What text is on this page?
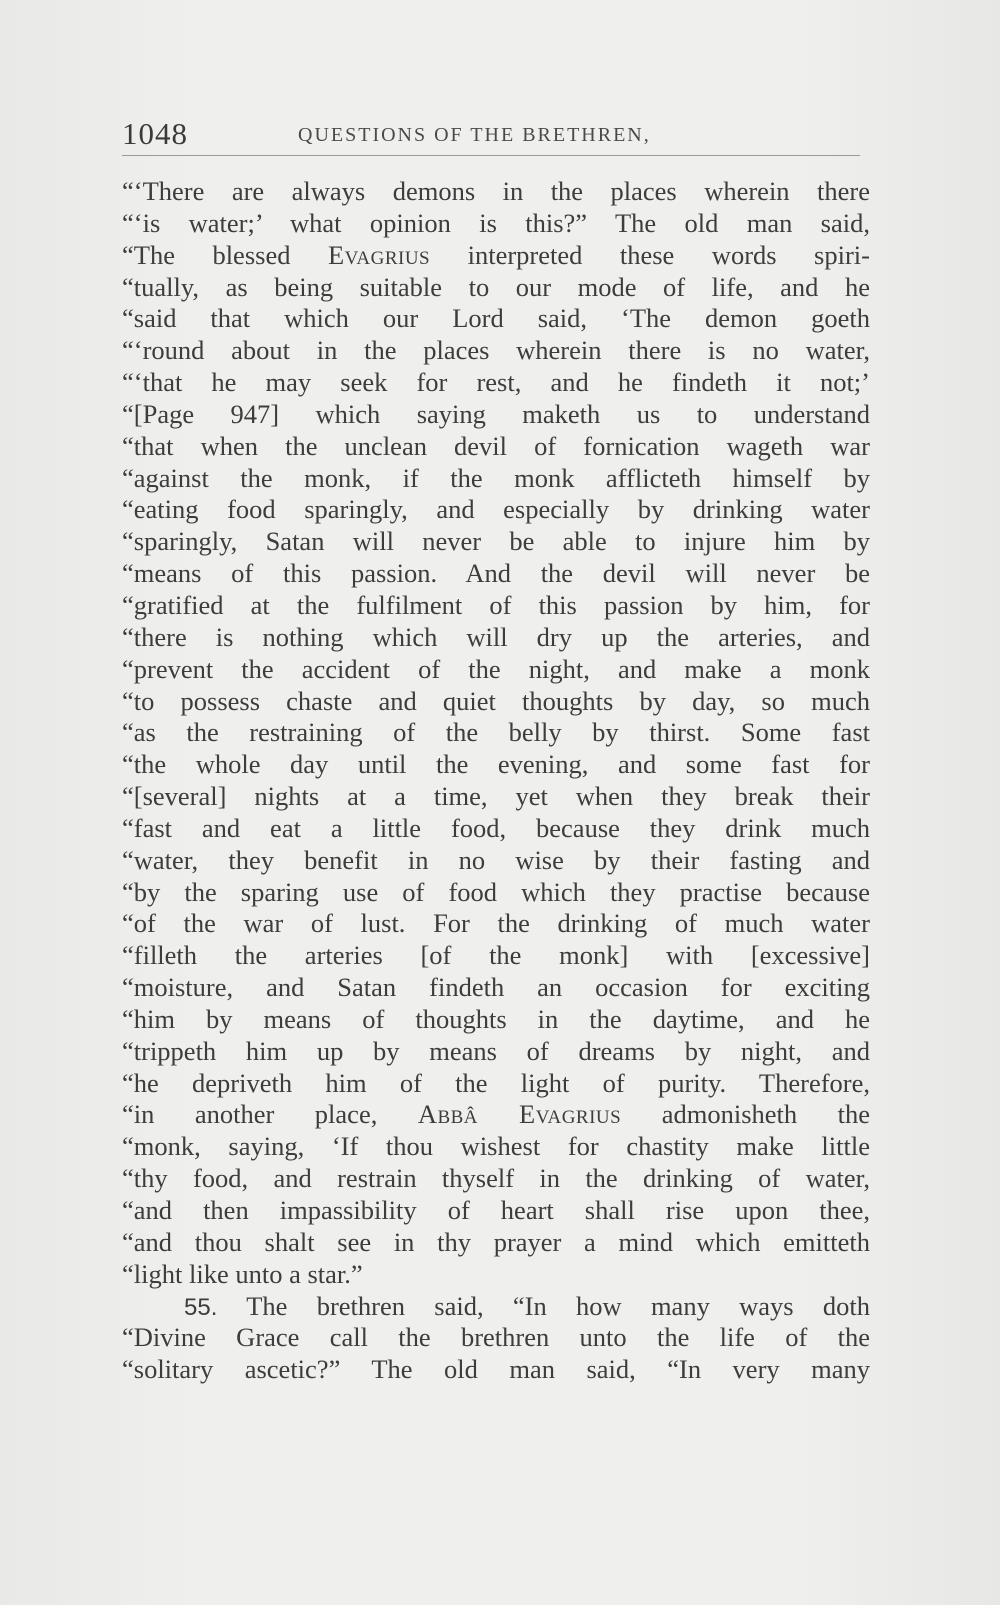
1048	QUESTIONS OF THE BRETHREN,
“‘There are always demons in the places wherein there
“‘is water;’ what opinion is this?” The old man said,
“The blessed Evagrius interpreted these words spiri-
“tually, as being suitable to our mode of life, and he
“said that which our Lord said, ‘The demon goeth
“‘round about in the places wherein there is no water,
“‘that he may seek for rest, and he findeth it not;’
“[Page 947] which saying maketh us to understand
“that when the unclean devil of fornication wageth war
“against the monk, if the monk afflicteth himself by
“eating food sparingly, and especially by drinking water
“sparingly, Satan will never be able to injure him by
“means of this passion. And the devil will never be
“gratified at the fulfilment of this passion by him, for
“there is nothing which will dry up the arteries, and
“prevent the accident of the night, and make a monk
“to possess chaste and quiet thoughts by day, so much
“as the restraining of the belly by thirst. Some fast
“the whole day until the evening, and some fast for
“[several] nights at a time, yet when they break their
“fast and eat a little food, because they drink much
“water, they benefit in no wise by their fasting and
“by the sparing use of food which they practise because
“of the war of lust. For the drinking of much water
“filleth the arteries [of the monk] with [excessive]
“moisture, and Satan findeth an occasion for exciting
“him by means of thoughts in the daytime, and he
“trippeth him up by means of dreams by night, and
“he depriveth him of the light of purity. Therefore,
“in another place, Abbâ Evagrius admonisheth the
“monk, saying, ‘If thou wishest for chastity make little
“thy food, and restrain thyself in the drinking of water,
“and then impassibility of heart shall rise upon thee,
“and thou shalt see in thy prayer a mind which emitteth
“light like unto a star.”
55. The brethren said, “In how many ways doth
“Divine Grace call the brethren unto the life of the
“solitary ascetic?” The old man said, “In very many
